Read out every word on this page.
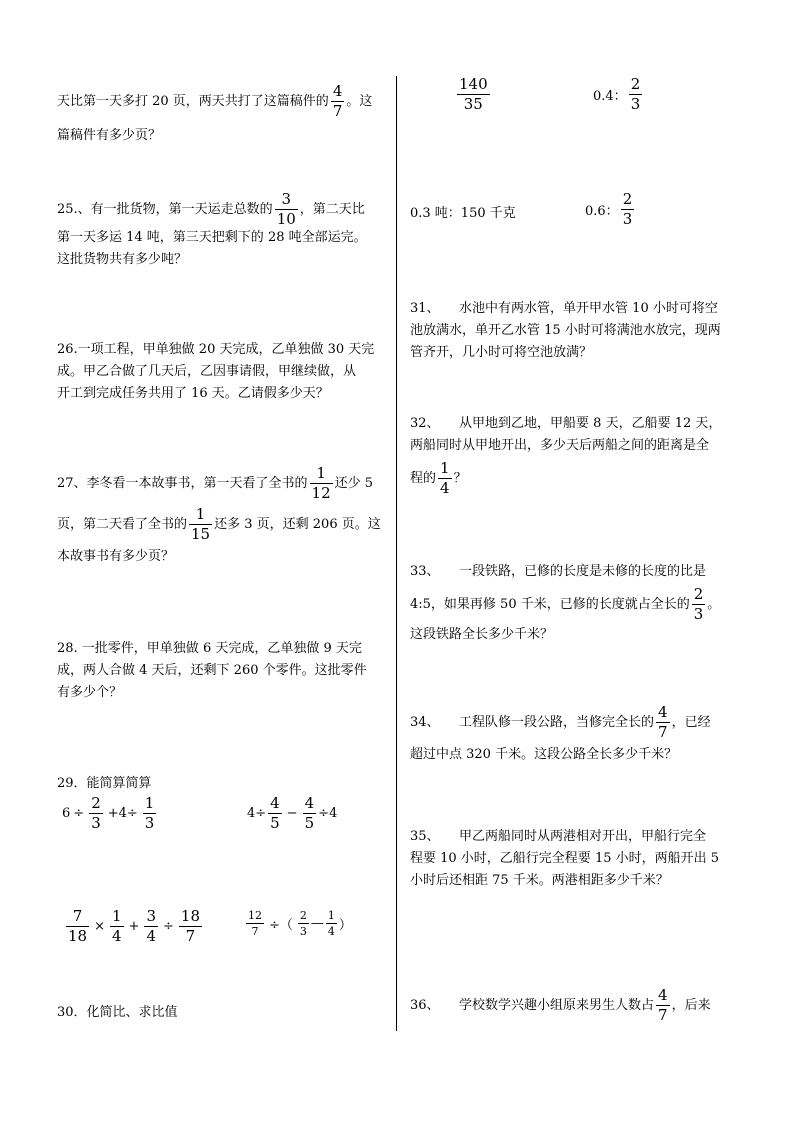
天比第一天多打 20 页，两天共打了这篇稿件的 $\frac{4}{7}$ 。这
篇稿件有多少页？
25.、有一批货物，第一天运走总数的 $\frac{3}{10}$ ，第二天比
第一天多运 14 吨，第三天把剩下的 28 吨全部运完。
这批货物共有多少吨？
26.一项工程，甲单独做 20 天完成，乙单独做 30 天完
成。甲乙合做了几天后，乙因事请假，甲继续做，从
开工到完成任务共用了 16 天。乙请假多少天？
27、李冬看一本故事书，第一天看了全书的 $\frac{1}{12}$ 还少 5
页，第二天看了全书的 $\frac{1}{15}$ 还多 3 页，还剩 206 页。这
本故事书有多少页？
28. 一批零件，甲单独做 6 天完成，乙单独做 9 天完
成，两人合做 4 天后，还剩下 260 个零件。这批零件
有多少个？
29．能简算简算
$6 \div \frac{2}{3} +4\div \frac{1}{3}$	$4\div \frac{4}{5} - \frac{4}{5} \div 4$
$\frac{7}{18} \times \frac{1}{4} + \frac{3}{4} \div \frac{18}{7}$	$\frac{12}{7}$ ÷（ $\frac{2}{3}$ — $\frac{1}{4}$ ）
30．化简比、求比值
$\frac{140}{35}$	0.4： $\frac{2}{3}$
0.3 吨：150 千克	0.6： $\frac{2}{3}$
31、　　水池中有两水管，单开甲水管 10 小时可将空
池放满水，单开乙水管 15 小时可将满池水放完，现两
管齐开，几小时可将空池放满？
32、　　从甲地到乙地，甲船要 8 天，乙船要 12 天，
两船同时从甲地开出，多少天后两船之间的距离是全
程的 $\frac{1}{4}$ ？
33、　　一段铁路，已修的长度是未修的长度的比是
4:5，如果再修 50 千米，已修的长度就占全长的 $\frac{2}{3}$ 。
这段铁路全长多少千米？
34、　　工程队修一段公路，当修完全长的 $\frac{4}{7}$ ，已经
超过中点 320 千米。这段公路全长多少千米？
35、　　甲乙两船同时从两港相对开出，甲船行完全
程要 10 小时，乙船行完全程要 15 小时，两船开出 5
小时后还相距 75 千米。两港相距多少千米？
36、　　学校数学兴趣小组原来男生人数占 $\frac{4}{7}$ ，后来
